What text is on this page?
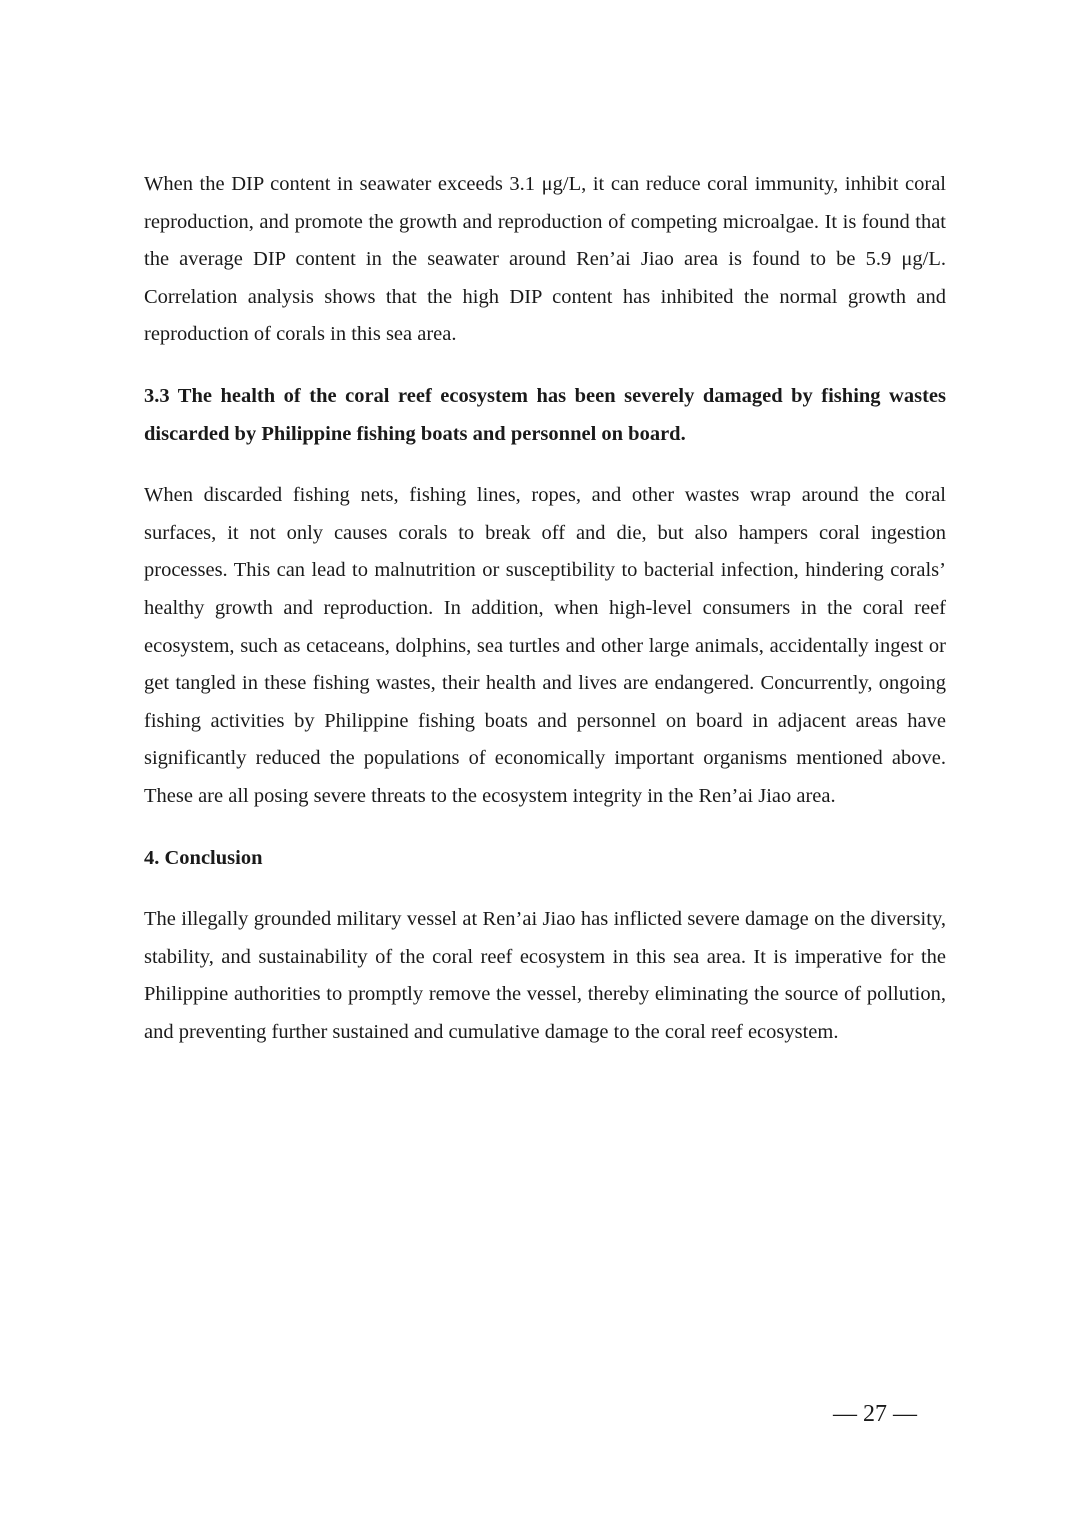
When the DIP content in seawater exceeds 3.1 μg/L, it can reduce coral immunity, inhibit coral reproduction, and promote the growth and reproduction of competing microalgae. It is found that the average DIP content in the seawater around Ren’ai Jiao area is found to be 5.9 μg/L. Correlation analysis shows that the high DIP content has inhibited the normal growth and reproduction of corals in this sea area.

3.3 The health of the coral reef ecosystem has been severely damaged by fishing wastes discarded by Philippine fishing boats and personnel on board.

When discarded fishing nets, fishing lines, ropes, and other wastes wrap around the coral surfaces, it not only causes corals to break off and die, but also hampers coral ingestion processes. This can lead to malnutrition or susceptibility to bacterial infection, hindering corals’ healthy growth and reproduction. In addition, when high-level consumers in the coral reef ecosystem, such as cetaceans, dolphins, sea turtles and other large animals, accidentally ingest or get tangled in these fishing wastes, their health and lives are endangered. Concurrently, ongoing fishing activities by Philippine fishing boats and personnel on board in adjacent areas have significantly reduced the populations of economically important organisms mentioned above. These are all posing severe threats to the ecosystem integrity in the Ren’ai Jiao area.

4. Conclusion

The illegally grounded military vessel at Ren’ai Jiao has inflicted severe damage on the diversity, stability, and sustainability of the coral reef ecosystem in this sea area. It is imperative for the Philippine authorities to promptly remove the vessel, thereby eliminating the source of pollution, and preventing further sustained and cumulative damage to the coral reef ecosystem.

— 27 —
